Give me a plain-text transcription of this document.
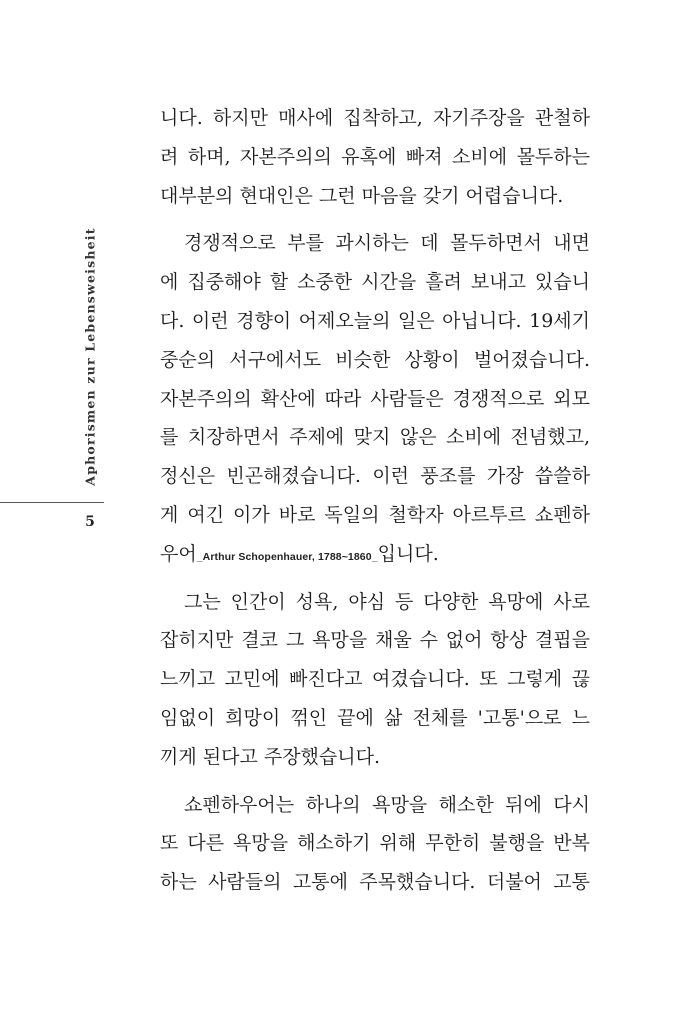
Aphorismen zur Lebensweisheit
5
니다. 하지만 매사에 집착하고, 자기주장을 관철하
려 하며, 자본주의의 유혹에 빠져 소비에 몰두하는
대부분의 현대인은 그런 마음을 갖기 어렵습니다.
경쟁적으로 부를 과시하는 데 몰두하면서 내면
에 집중해야 할 소중한 시간을 흘려 보내고 있습니
다. 이런 경향이 어제오늘의 일은 아닙니다. 19세기
중순의 서구에서도 비슷한 상황이 벌어졌습니다.
자본주의의 확산에 따라 사람들은 경쟁적으로 외모
를 치장하면서 주제에 맞지 않은 소비에 전념했고,
정신은 빈곤해졌습니다. 이런 풍조를 가장 씁쓸하
게 여긴 이가 바로 독일의 철학자 아르투르 쇼펜하
우어_Arthur Schopenhauer, 1788~1860_입니다.
그는 인간이 성욕, 야심 등 다양한 욕망에 사로
잡히지만 결코 그 욕망을 채울 수 없어 항상 결핍을
느끼고 고민에 빠진다고 여겼습니다. 또 그렇게 끊
임없이 희망이 꺾인 끝에 삶 전체를 '고통'으로 느
끼게 된다고 주장했습니다.
쇼펜하우어는 하나의 욕망을 해소한 뒤에 다시
또 다른 욕망을 해소하기 위해 무한히 불행을 반복
하는 사람들의 고통에 주목했습니다. 더불어 고통
